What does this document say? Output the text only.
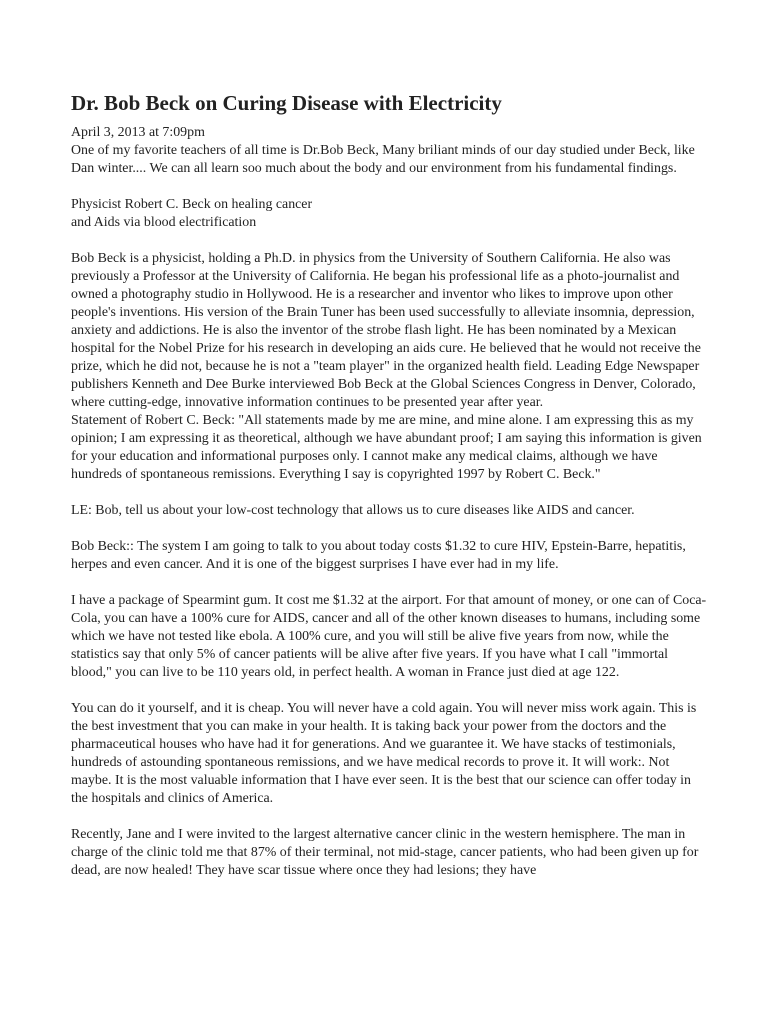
Dr. Bob Beck on Curing Disease with Electricity

April 3, 2013 at 7:09pm

One of my favorite teachers of all time is Dr.Bob Beck, Many briliant minds of our day studied under Beck, like Dan winter.... We can all learn soo much about the body and our environment from his fundamental findings.

Physicist Robert C. Beck on healing cancer

and Aids via blood electrification

Bob Beck is a physicist, holding a Ph.D. in physics from the University of Southern California. He also was previously a Professor at the University of California. He began his professional life as a photo-journalist and owned a photography studio in Hollywood. He is a researcher and inventor who likes to improve upon other people's inventions. His version of the Brain Tuner has been used successfully to alleviate insomnia, depression, anxiety and addictions. He is also the inventor of the strobe flash light. He has been nominated by a Mexican hospital for the Nobel Prize for his research in developing an aids cure. He believed that he would not receive the prize, which he did not, because he is not a "team player" in the organized health field. Leading Edge Newspaper publishers Kenneth and Dee Burke interviewed Bob Beck at the Global Sciences Congress in Denver, Colorado, where cutting-edge, innovative information continues to be presented year after year.

Statement of Robert C. Beck: "All statements made by me are mine, and mine alone. I am expressing this as my opinion; I am expressing it as theoretical, although we have abundant proof; I am saying this information is given for your education and informational purposes only. I cannot make any medical claims, although we have hundreds of spontaneous remissions. Everything I say is copyrighted 1997 by Robert C. Beck."

LE: Bob, tell us about your low-cost technology that allows us to cure diseases like AIDS and cancer.

Bob Beck:: The system I am going to talk to you about today costs $1.32 to cure HIV, Epstein-Barre, hepatitis, herpes and even cancer. And it is one of the biggest surprises I have ever had in my life.

I have a package of Spearmint gum. It cost me $1.32 at the airport. For that amount of money, or one can of Coca-Cola, you can have a 100% cure for AIDS, cancer and all of the other known diseases to humans, including some which we have not tested like ebola. A 100% cure, and you will still be alive five years from now, while the statistics say that only 5% of cancer patients will be alive after five years. If you have what I call "immortal blood," you can live to be 110 years old, in perfect health. A woman in France just died at age 122.

You can do it yourself, and it is cheap. You will never have a cold again. You will never miss work again. This is the best investment that you can make in your health. It is taking back your power from the doctors and the pharmaceutical houses who have had it for generations. And we guarantee it. We have stacks of testimonials, hundreds of astounding spontaneous remissions, and we have medical records to prove it. It will work:. Not maybe. It is the most valuable information that I have ever seen. It is the best that our science can offer today in the hospitals and clinics of America.

Recently, Jane and I were invited to the largest alternative cancer clinic in the western hemisphere. The man in charge of the clinic told me that 87% of their terminal, not mid-stage, cancer patients, who had been given up for dead, are now healed! They have scar tissue where once they had lesions; they have
